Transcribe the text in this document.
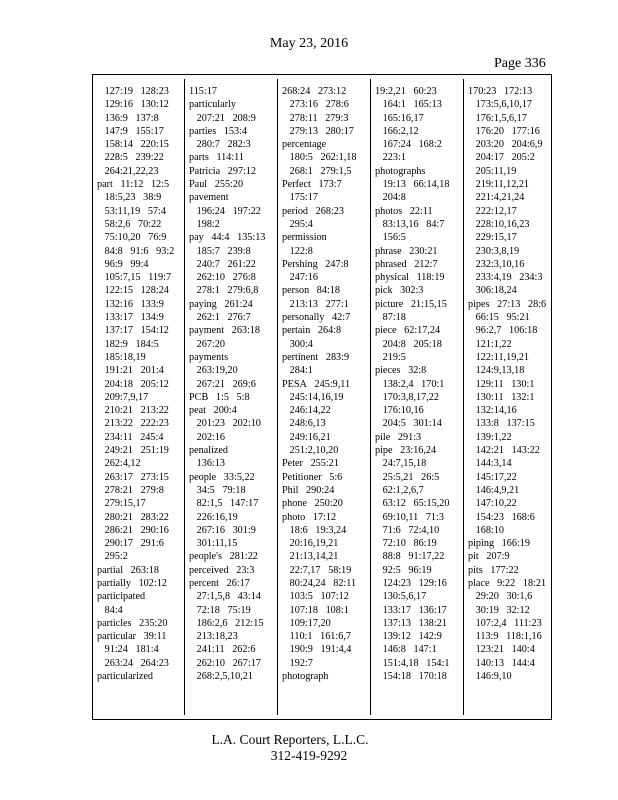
May 23, 2016
Page 336
127:19   128:23
129:16   130:12
136:9   137:8
147:9   155:17
158:14   220:15
228:5   239:22
264:21,22,23
part   11:12   12:5
18:5,23   38:9
53:11,19   57:4
58:2,6   70:22
75:10,20   76:9
84:8   91:6   93:2
96:9   99:4
105:7,15   119:7
122:15   128:24
132:16   133:9
133:17   134:9
137:17   154:12
182:9   184:5
185:18,19
191:21   201:4
204:18   205:12
209:7,9,17
210:21   213:22
213:22   222:23
234:11   245:4
249:21   251:19
262:4,12
263:17   273:15
278:21   279:8
279:15,17
280:21   283:22
286:21   290:16
290:17   291:6
295:2
partial   263:18
partially   102:12
participated
84:4
particles   235:20
particular   39:11
91:24   181:4
263:24   264:23
particularized
115:17
particularly
207:21   208:9
parties   153:4
280:7   282:3
parts   114:11
Patricia   297:12
Paul   255:20
pavement
196:24   197:22
198:2
pay   44:4   135:13
185:7   239:8
240:7   261:22
262:10   276:8
278:1   279:6,8
paying   261:24
262:1   276:7
payment   263:18
267:20
payments
263:19,20
267:21   269:6
PCB   1:5   5:8
peat   200:4
201:23   202:10
202:16
penalized
136:13
people   33:5,22
34:5   79:18
82:1,5   147:17
226:16,19
267:16   301:9
301:11,15
people's   281:22
perceived   23:3
percent   26:17
27:1,5,8   43:14
72:18   75:19
186:2,6   212:15
213:18,23
241:11   262:6
262:10   267:17
268:2,5,10,21
268:24   273:12
273:16   278:6
278:11   279:3
279:13   280:17
percentage
180:5   262:1,18
268:1   279:1,5
Perfect   173:7
175:17
period   268:23
295:4
permission
122:8
Pershing   247:8
247:16
person   84:18
213:13   277:1
personally   42:7
pertain   264:8
300:4
pertinent   283:9
284:1
PESA   245:9,11
245:14,16,19
246:14,22
248:6,13
249:16,21
251:2,10,20
Peter   255:21
Petitioner   5:6
Phil   290:24
phone   250:20
photo   17:12
18:6   19:3,24
20:16,19,21
21:13,14,21
22:7,17   58:19
80:24,24   82:11
103:5   107:12
107:18   108:1
109:17,20
110:1   161:6,7
190:9   191:4,4
192:7
photograph
19:2,21   60:23
164:1   165:13
165:16,17
166:2,12
167:24   168:2
223:1
photographs
19:13   66:14,18
204:8
photos   22:11
83:13,16   84:7
156:5
phrase   230:21
phrased   212:7
physical   118:19
pick   302:3
picture   21:15,15
87:18
piece   62:17,24
204:8   205:18
219:5
pieces   32:8
138:2,4   170:1
170:3,8,17,22
176:10,16
204:5   301:14
pile   291:3
pipe   23:16,24
24:7,15,18
25:5,21   26:5
62:1,2,6,7
63:12   65:15,20
69:10,11   71:3
71:6   72:4,10
72:10   86:19
88:8   91:17,22
92:5   96:19
124:23   129:16
130:5,6,17
133:17   136:17
137:13   138:21
139:12   142:9
146:8   147:1
151:4,18   154:1
154:18   170:18
170:23   172:13
173:5,6,10,17
176:1,5,6,17
176:20   177:16
203:20   204:6,9
204:17   205:2
205:11,19
219:11,12,21
221:4,21,24
222:12,17
228:10,16,23
229:15,17
230:3,8,19
232:3,10,16
233:4,19   234:3
306:18,24
pipes   27:13   28:6
66:15   95:21
96:2,7   106:18
121:1,22
122:11,19,21
124:9,13,18
129:11   130:1
130:11   132:1
132:14,16
133:8   137:15
139:1,22
142:21   143:22
144:3,14
145:17,22
146:4,9,21
147:10,22
154:23   168:6
168:10
piping   166:19
pit   207:9
pits   177:22
place   9:22   18:21
29:20   30:1,6
30:19   32:12
107:2,4   111:23
113:9   118:1,16
123:21   140:4
140:13   144:4
146:9,10
L.A. Court Reporters, L.L.C.
312-419-9292
